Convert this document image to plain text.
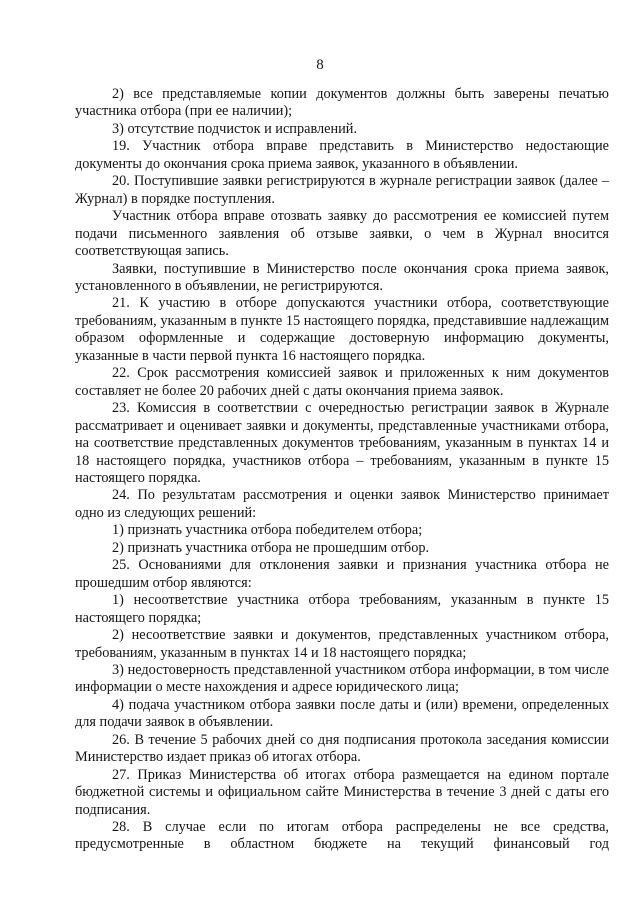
8

2) все представляемые копии документов должны быть заверены печатью участника отбора (при ее наличии);

3) отсутствие подчисток и исправлений.

19. Участник отбора вправе представить в Министерство недостающие документы до окончания срока приема заявок, указанного в объявлении.

20. Поступившие заявки регистрируются в журнале регистрации заявок (далее – Журнал) в порядке поступления.

Участник отбора вправе отозвать заявку до рассмотрения ее комиссией путем подачи письменного заявления об отзыве заявки, о чем в Журнал вносится соответствующая запись.

Заявки, поступившие в Министерство после окончания срока приема заявок, установленного в объявлении, не регистрируются.

21. К участию в отборе допускаются участники отбора, соответствующие требованиям, указанным в пункте 15 настоящего порядка, представившие надлежащим образом оформленные и содержащие достоверную информацию документы, указанные в части первой пункта 16 настоящего порядка.

22. Срок рассмотрения комиссией заявок и приложенных к ним документов составляет не более 20 рабочих дней с даты окончания приема заявок.

23. Комиссия в соответствии с очередностью регистрации заявок в Журнале рассматривает и оценивает заявки и документы, представленные участниками отбора, на соответствие представленных документов требованиям, указанным в пунктах 14 и 18 настоящего порядка, участников отбора – требованиям, указанным в пункте 15 настоящего порядка.

24. По результатам рассмотрения и оценки заявок Министерство принимает одно из следующих решений:

1) признать участника отбора победителем отбора;

2) признать участника отбора не прошедшим отбор.

25. Основаниями для отклонения заявки и признания участника отбора не прошедшим отбор являются:

1) несоответствие участника отбора требованиям, указанным в пункте 15 настоящего порядка;

2) несоответствие заявки и документов, представленных участником отбора, требованиям, указанным в пунктах 14 и 18 настоящего порядка;

3) недостоверность представленной участником отбора информации, в том числе информации о месте нахождения и адресе юридического лица;

4) подача участником отбора заявки после даты и (или) времени, определенных для подачи заявок в объявлении.

26. В течение 5 рабочих дней со дня подписания протокола заседания комиссии Министерство издает приказ об итогах отбора.

27. Приказ Министерства об итогах отбора размещается на едином портале бюджетной системы и официальном сайте Министерства в течение 3 дней с даты его подписания.

28. В случае если по итогам отбора распределены не все средства, предусмотренные в областном бюджете на текущий финансовый год
